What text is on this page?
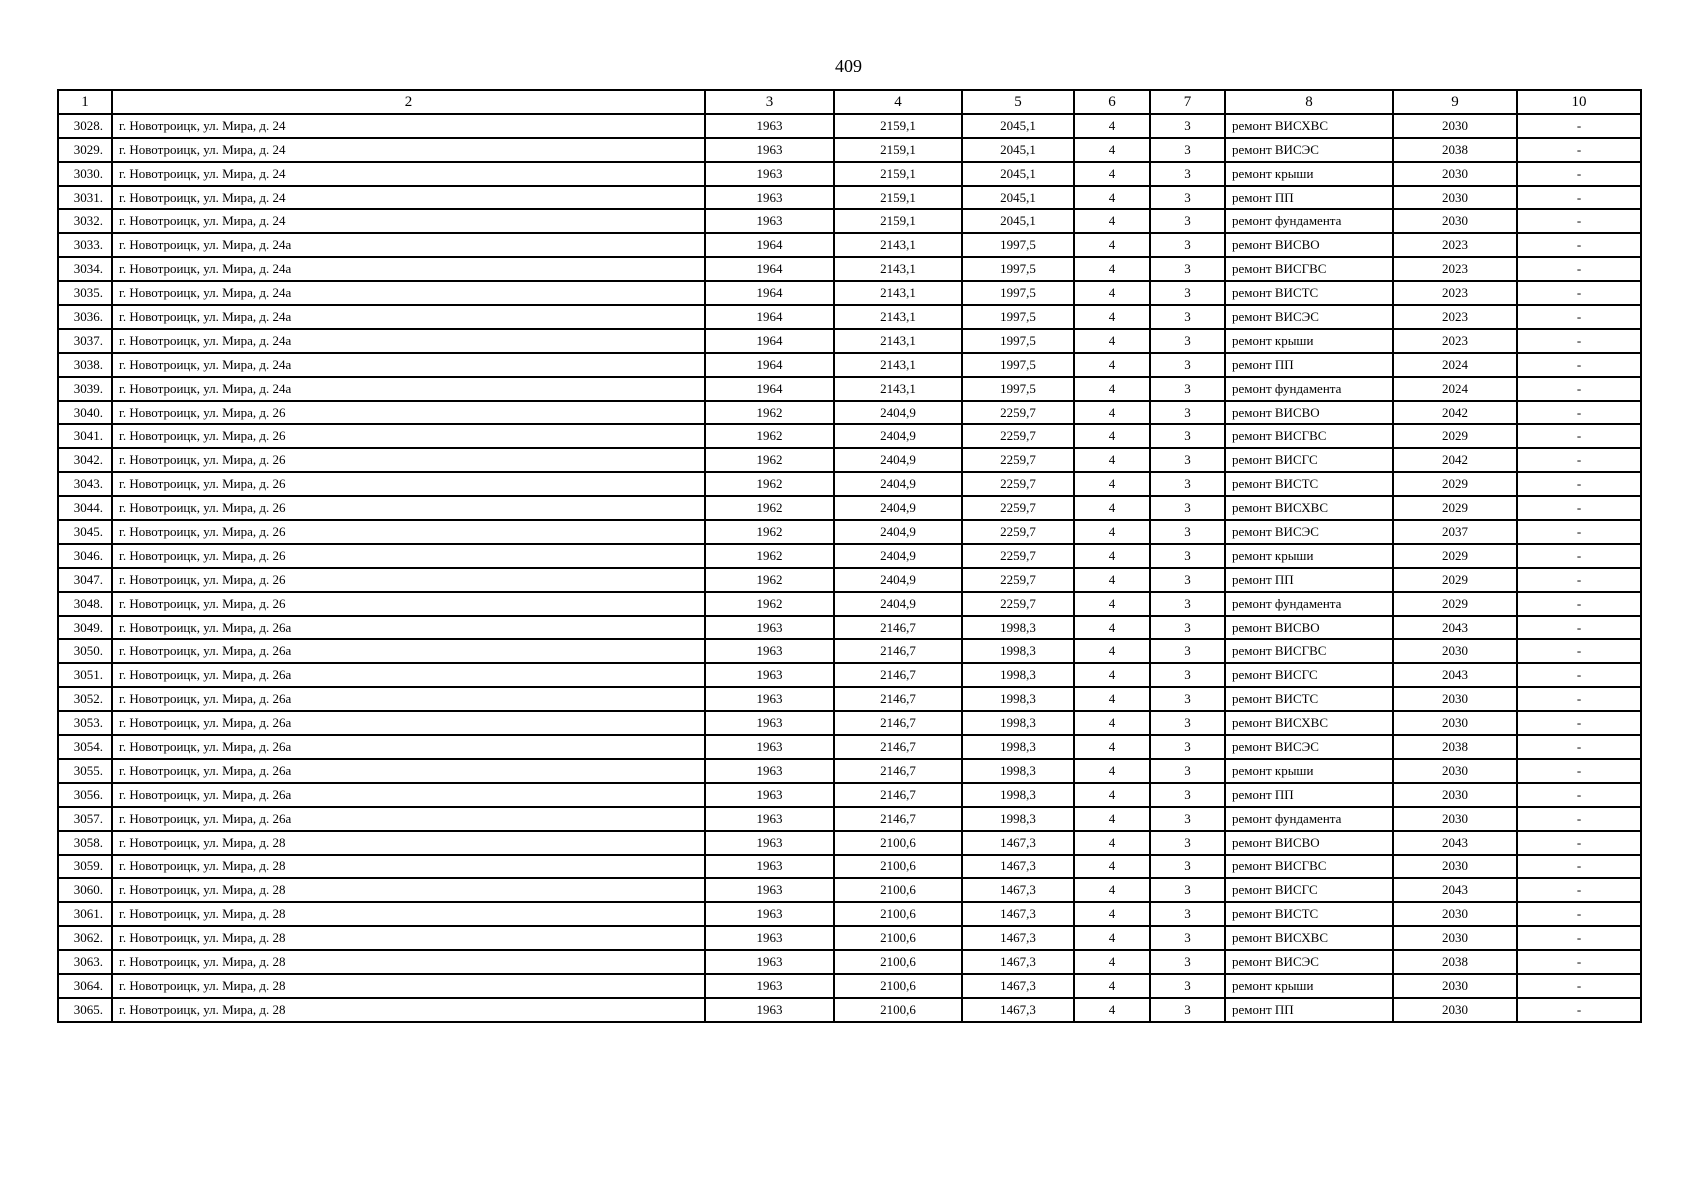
409
1	2	3	4	5	6	7	8	9	10
3028.	г. Новотроицк, ул. Мира, д. 24	1963	2159,1	2045,1	4	3	ремонт ВИСХВС	2030	-
3029.	г. Новотроицк, ул. Мира, д. 24	1963	2159,1	2045,1	4	3	ремонт ВИСЭС	2038	-
3030.	г. Новотроицк, ул. Мира, д. 24	1963	2159,1	2045,1	4	3	ремонт крыши	2030	-
3031.	г. Новотроицк, ул. Мира, д. 24	1963	2159,1	2045,1	4	3	ремонт ПП	2030	-
3032.	г. Новотроицк, ул. Мира, д. 24	1963	2159,1	2045,1	4	3	ремонт фундамента	2030	-
3033.	г. Новотроицк, ул. Мира, д. 24а	1964	2143,1	1997,5	4	3	ремонт ВИСВО	2023	-
3034.	г. Новотроицк, ул. Мира, д. 24а	1964	2143,1	1997,5	4	3	ремонт ВИСГВС	2023	-
3035.	г. Новотроицк, ул. Мира, д. 24а	1964	2143,1	1997,5	4	3	ремонт ВИСТС	2023	-
3036.	г. Новотроицк, ул. Мира, д. 24а	1964	2143,1	1997,5	4	3	ремонт ВИСЭС	2023	-
3037.	г. Новотроицк, ул. Мира, д. 24а	1964	2143,1	1997,5	4	3	ремонт крыши	2023	-
3038.	г. Новотроицк, ул. Мира, д. 24а	1964	2143,1	1997,5	4	3	ремонт ПП	2024	-
3039.	г. Новотроицк, ул. Мира, д. 24а	1964	2143,1	1997,5	4	3	ремонт фундамента	2024	-
3040.	г. Новотроицк, ул. Мира, д. 26	1962	2404,9	2259,7	4	3	ремонт ВИСВО	2042	-
3041.	г. Новотроицк, ул. Мира, д. 26	1962	2404,9	2259,7	4	3	ремонт ВИСГВС	2029	-
3042.	г. Новотроицк, ул. Мира, д. 26	1962	2404,9	2259,7	4	3	ремонт ВИСГС	2042	-
3043.	г. Новотроицк, ул. Мира, д. 26	1962	2404,9	2259,7	4	3	ремонт ВИСТС	2029	-
3044.	г. Новотроицк, ул. Мира, д. 26	1962	2404,9	2259,7	4	3	ремонт ВИСХВС	2029	-
3045.	г. Новотроицк, ул. Мира, д. 26	1962	2404,9	2259,7	4	3	ремонт ВИСЭС	2037	-
3046.	г. Новотроицк, ул. Мира, д. 26	1962	2404,9	2259,7	4	3	ремонт крыши	2029	-
3047.	г. Новотроицк, ул. Мира, д. 26	1962	2404,9	2259,7	4	3	ремонт ПП	2029	-
3048.	г. Новотроицк, ул. Мира, д. 26	1962	2404,9	2259,7	4	3	ремонт фундамента	2029	-
3049.	г. Новотроицк, ул. Мира, д. 26а	1963	2146,7	1998,3	4	3	ремонт ВИСВО	2043	-
3050.	г. Новотроицк, ул. Мира, д. 26а	1963	2146,7	1998,3	4	3	ремонт ВИСГВС	2030	-
3051.	г. Новотроицк, ул. Мира, д. 26а	1963	2146,7	1998,3	4	3	ремонт ВИСГС	2043	-
3052.	г. Новотроицк, ул. Мира, д. 26а	1963	2146,7	1998,3	4	3	ремонт ВИСТС	2030	-
3053.	г. Новотроицк, ул. Мира, д. 26а	1963	2146,7	1998,3	4	3	ремонт ВИСХВС	2030	-
3054.	г. Новотроицк, ул. Мира, д. 26а	1963	2146,7	1998,3	4	3	ремонт ВИСЭС	2038	-
3055.	г. Новотроицк, ул. Мира, д. 26а	1963	2146,7	1998,3	4	3	ремонт крыши	2030	-
3056.	г. Новотроицк, ул. Мира, д. 26а	1963	2146,7	1998,3	4	3	ремонт ПП	2030	-
3057.	г. Новотроицк, ул. Мира, д. 26а	1963	2146,7	1998,3	4	3	ремонт фундамента	2030	-
3058.	г. Новотроицк, ул. Мира, д. 28	1963	2100,6	1467,3	4	3	ремонт ВИСВО	2043	-
3059.	г. Новотроицк, ул. Мира, д. 28	1963	2100,6	1467,3	4	3	ремонт ВИСГВС	2030	-
3060.	г. Новотроицк, ул. Мира, д. 28	1963	2100,6	1467,3	4	3	ремонт ВИСГС	2043	-
3061.	г. Новотроицк, ул. Мира, д. 28	1963	2100,6	1467,3	4	3	ремонт ВИСТС	2030	-
3062.	г. Новотроицк, ул. Мира, д. 28	1963	2100,6	1467,3	4	3	ремонт ВИСХВС	2030	-
3063.	г. Новотроицк, ул. Мира, д. 28	1963	2100,6	1467,3	4	3	ремонт ВИСЭС	2038	-
3064.	г. Новотроицк, ул. Мира, д. 28	1963	2100,6	1467,3	4	3	ремонт крыши	2030	-
3065.	г. Новотроицк, ул. Мира, д. 28	1963	2100,6	1467,3	4	3	ремонт ПП	2030	-
